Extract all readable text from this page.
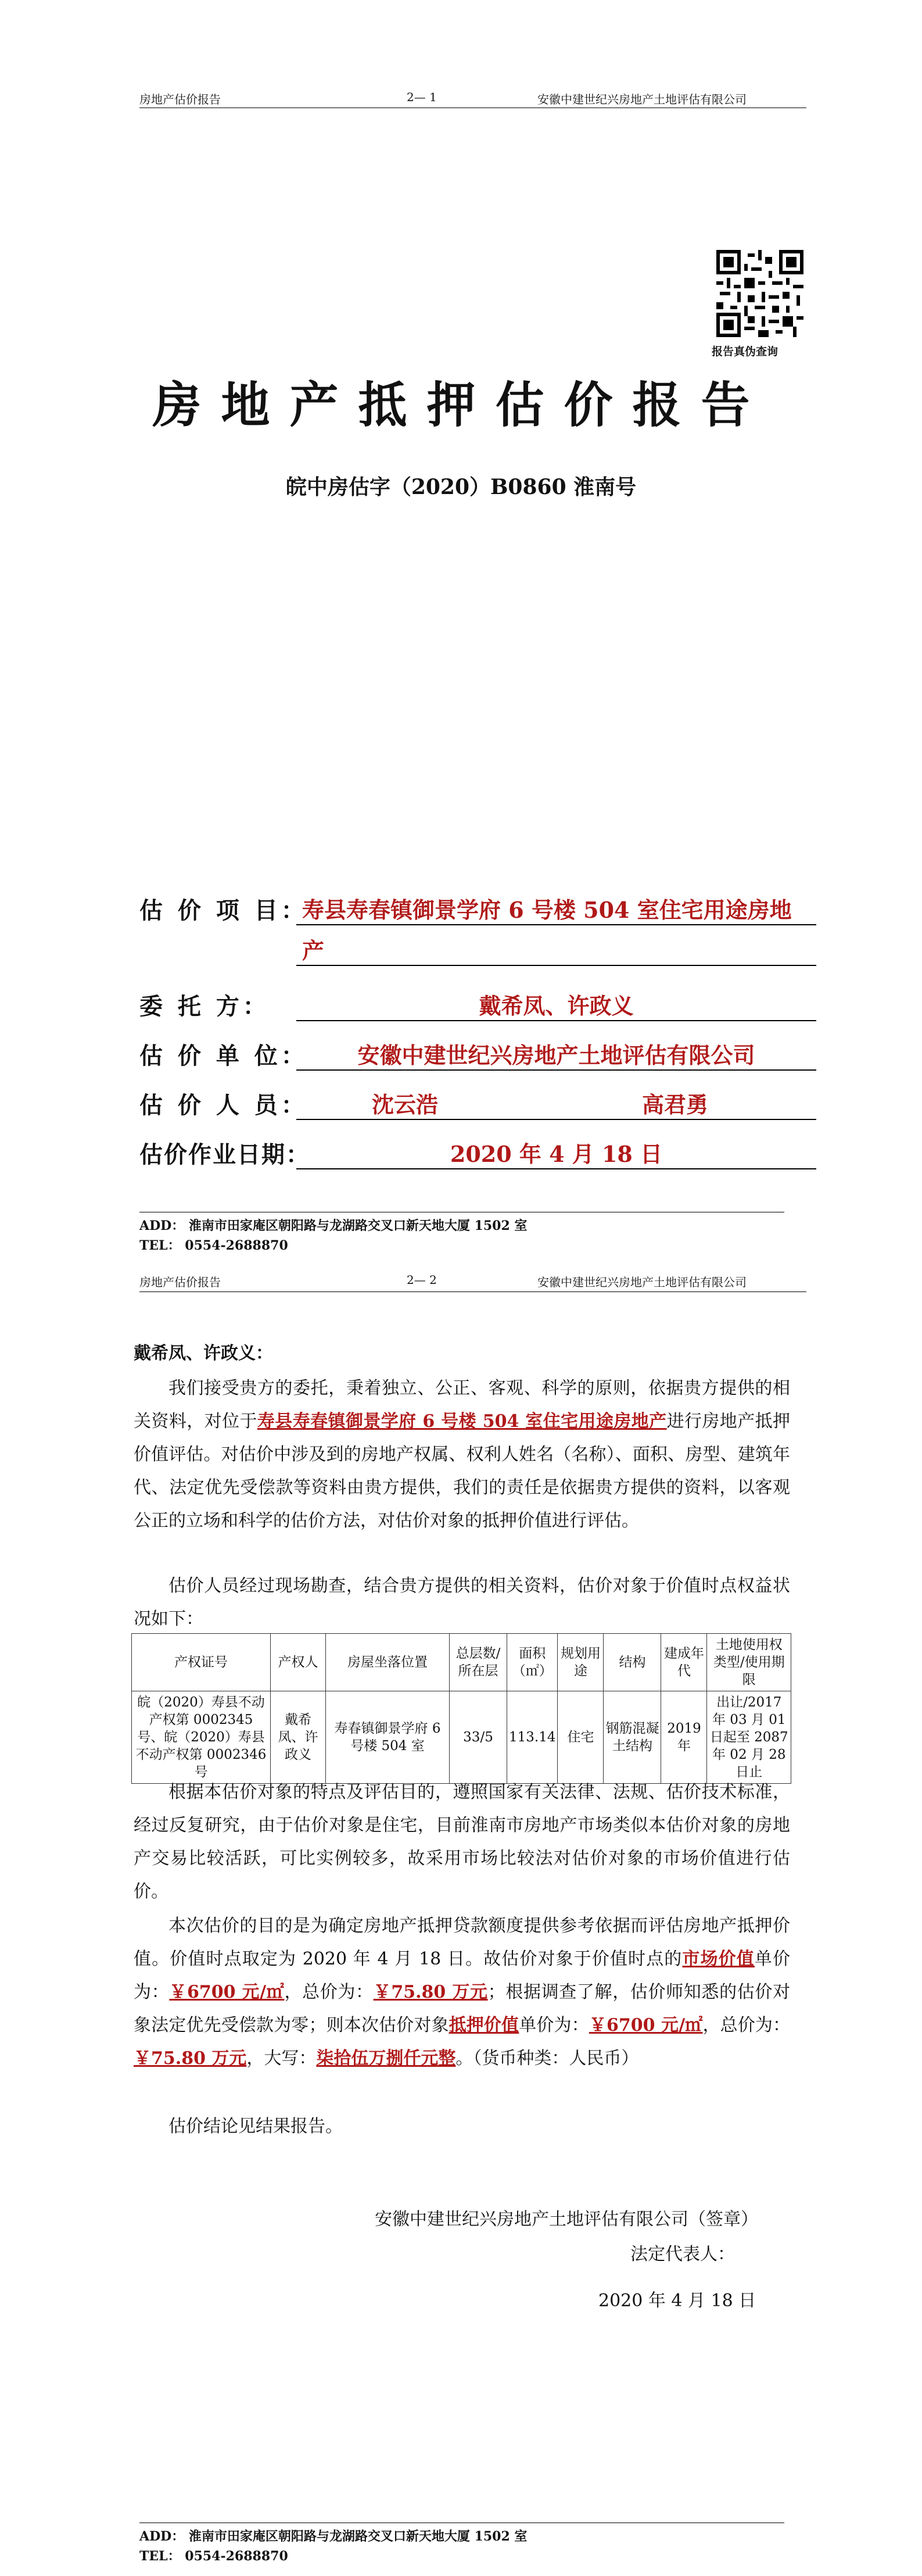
房地产估价报告	2— 1	安徽中建世纪兴房地产土地评估有限公司
报告真伪查询
房地产抵押估价报告
皖中房估字（2020）B0860 淮南号
估 价 项 目：
寿县寿春镇御景学府 6 号楼 504 室住宅用途房地
产
委 托 方：	戴希凤、许政义
估 价 单 位：	安徽中建世纪兴房地产土地评估有限公司
估 价 人 员：	沈云浩	高君勇
估价作业日期：	2020 年 4 月 18 日
ADD： 淮南市田家庵区朝阳路与龙湖路交叉口新天地大厦 1502 室
TEL： 0554-2688870
房地产估价报告	2— 2	安徽中建世纪兴房地产土地评估有限公司
戴希凤、许政义：
我们接受贵方的委托，秉着独立、公正、客观、科学的原则，依据贵方提供的相关资料，对位于寿县寿春镇御景学府 6 号楼 504 室住宅用途房地产进行房地产抵押价值评估。对估价中涉及到的房地产权属、权利人姓名（名称）、面积、房型、建筑年代、法定优先受偿款等资料由贵方提供，我们的责任是依据贵方提供的资料，以客观公正的立场和科学的估价方法，对估价对象的抵押价值进行评估。
估价人员经过现场勘查，结合贵方提供的相关资料，估价对象于价值时点权益状况如下：
产权证号	产权人	房屋坐落位置	总层数/所在层	面积（㎡）	规划用途	结构	建成年代	土地使用权类型/使用期限
皖（2020）寿县不动产权第 0002345 号、皖（2020）寿县不动产权第 0002346 号	戴希凤、许政义	寿春镇御景学府 6 号楼 504 室	33/5	113.14	住宅	钢筋混凝土结构	2019 年	出让/2017 年 03 月 01 日起至 2087 年 02 月 28 日止
根据本估价对象的特点及评估目的，遵照国家有关法律、法规、估价技术标准，经过反复研究，由于估价对象是住宅，目前淮南市房地产市场类似本估价对象的房地产交易比较活跃，可比实例较多，故采用市场比较法对估价对象的市场价值进行估价。
本次估价的目的是为确定房地产抵押贷款额度提供参考依据而评估房地产抵押价值。价值时点取定为 2020 年 4 月 18 日。故估价对象于价值时点的市场价值单价为：￥6700 元/㎡，总价为：￥75.80 万元；根据调查了解，估价师知悉的估价对象法定优先受偿款为零；则本次估价对象抵押价值单价为：￥6700 元/㎡，总价为：￥75.80 万元，大写：柒拾伍万捌仟元整。（货币种类：人民币）
估价结论见结果报告。
安徽中建世纪兴房地产土地评估有限公司（签章）
法定代表人：
2020 年 4 月 18 日
ADD： 淮南市田家庵区朝阳路与龙湖路交叉口新天地大厦 1502 室
TEL： 0554-2688870
